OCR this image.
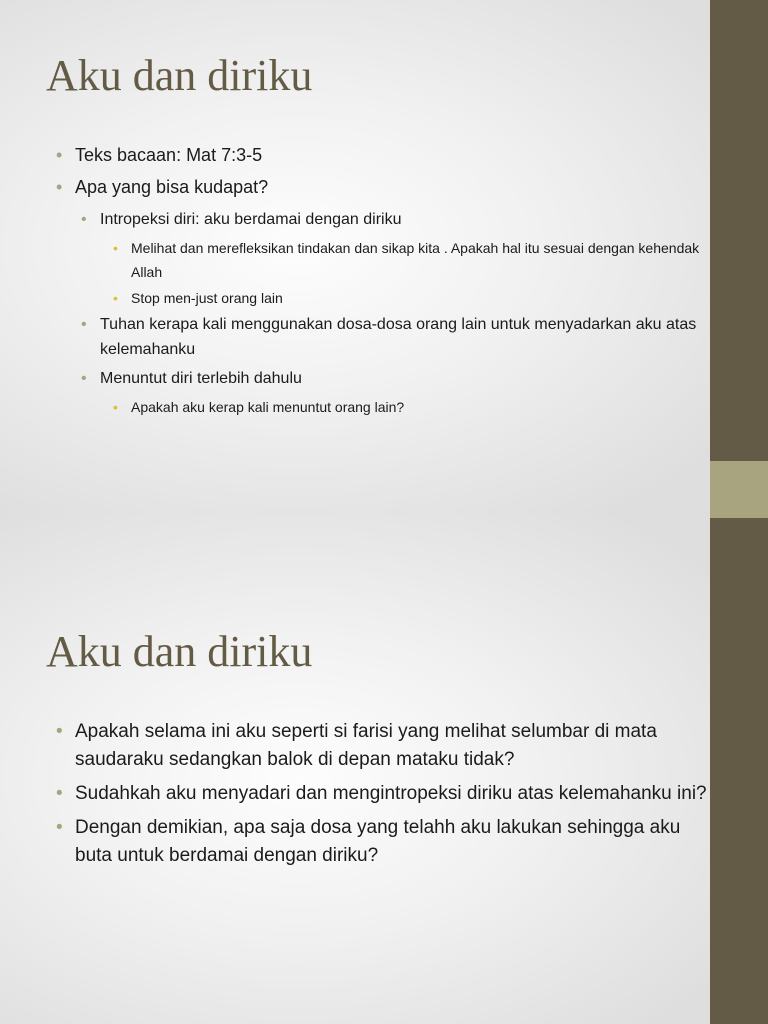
Aku dan diriku
• Teks bacaan: Mat 7:3-5
• Apa yang bisa kudapat?
• Intropeksi diri: aku berdamai dengan diriku
• Melihat dan merefleksikan tindakan dan sikap kita . Apakah hal itu sesuai dengan kehendak Allah
• Stop men-just orang lain
• Tuhan kerapa kali menggunakan dosa-dosa orang lain untuk menyadarkan aku atas kelemahanku
• Menuntut diri terlebih dahulu
• Apakah aku kerap kali menuntut orang lain?
Aku dan diriku
• Apakah selama ini aku seperti si farisi yang melihat selumbar di mata saudaraku sedangkan balok di depan mataku tidak?
• Sudahkah aku menyadari dan mengintropeksi diriku atas kelemahanku ini?
• Dengan demikian, apa saja dosa yang telahh aku lakukan sehingga aku buta untuk berdamai dengan diriku?
